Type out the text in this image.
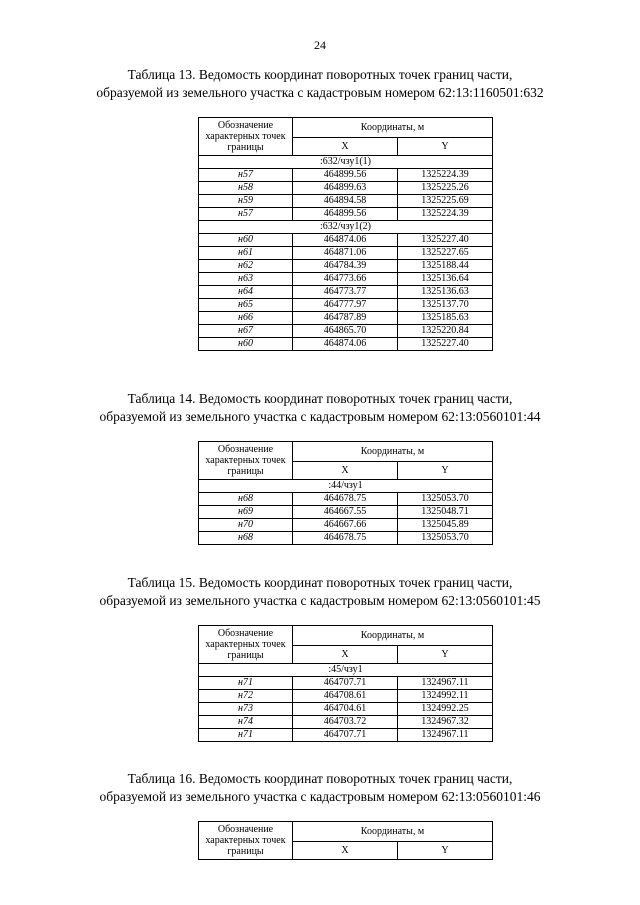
24
Таблица 13. Ведомость координат поворотных точек границ части,
образуемой из земельного участка с кадастровым номером 62:13:1160501:632
Обозначение характерных точек границы	Координаты, м	
	X	Y
:632/чзу1(1)		
н57	464899.56	1325224.39
н58	464899.63	1325225.26
н59	464894.58	1325225.69
н57	464899.56	1325224.39
:632/чзу1(2)		
н60	464874.06	1325227.40
н61	464871.06	1325227.65
н62	464784.39	1325188.44
н63	464773.66	1325136.64
н64	464773.77	1325136.63
н65	464777.97	1325137.70
н66	464787.89	1325185.63
н67	464865.70	1325220.84
н60	464874.06	1325227.40
Таблица 14. Ведомость координат поворотных точек границ части,
образуемой из земельного участка с кадастровым номером 62:13:0560101:44
Обозначение характерных точек границы	Координаты, м	
	X	Y
:44/чзу1		
н68	464678.75	1325053.70
н69	464667.55	1325048.71
н70	464667.66	1325045.89
н68	464678.75	1325053.70
Таблица 15. Ведомость координат поворотных точек границ части,
образуемой из земельного участка с кадастровым номером 62:13:0560101:45
Обозначение характерных точек границы	Координаты, м	
	X	Y
:45/чзу1		
н71	464707.71	1324967.11
н72	464708.61	1324992.11
н73	464704.61	1324992.25
н74	464703.72	1324967.32
н71	464707.71	1324967.11
Таблица 16. Ведомость координат поворотных точек границ части,
образуемой из земельного участка с кадастровым номером 62:13:0560101:46
Обозначение характерных точек границы	Координаты, м	
	X	Y
